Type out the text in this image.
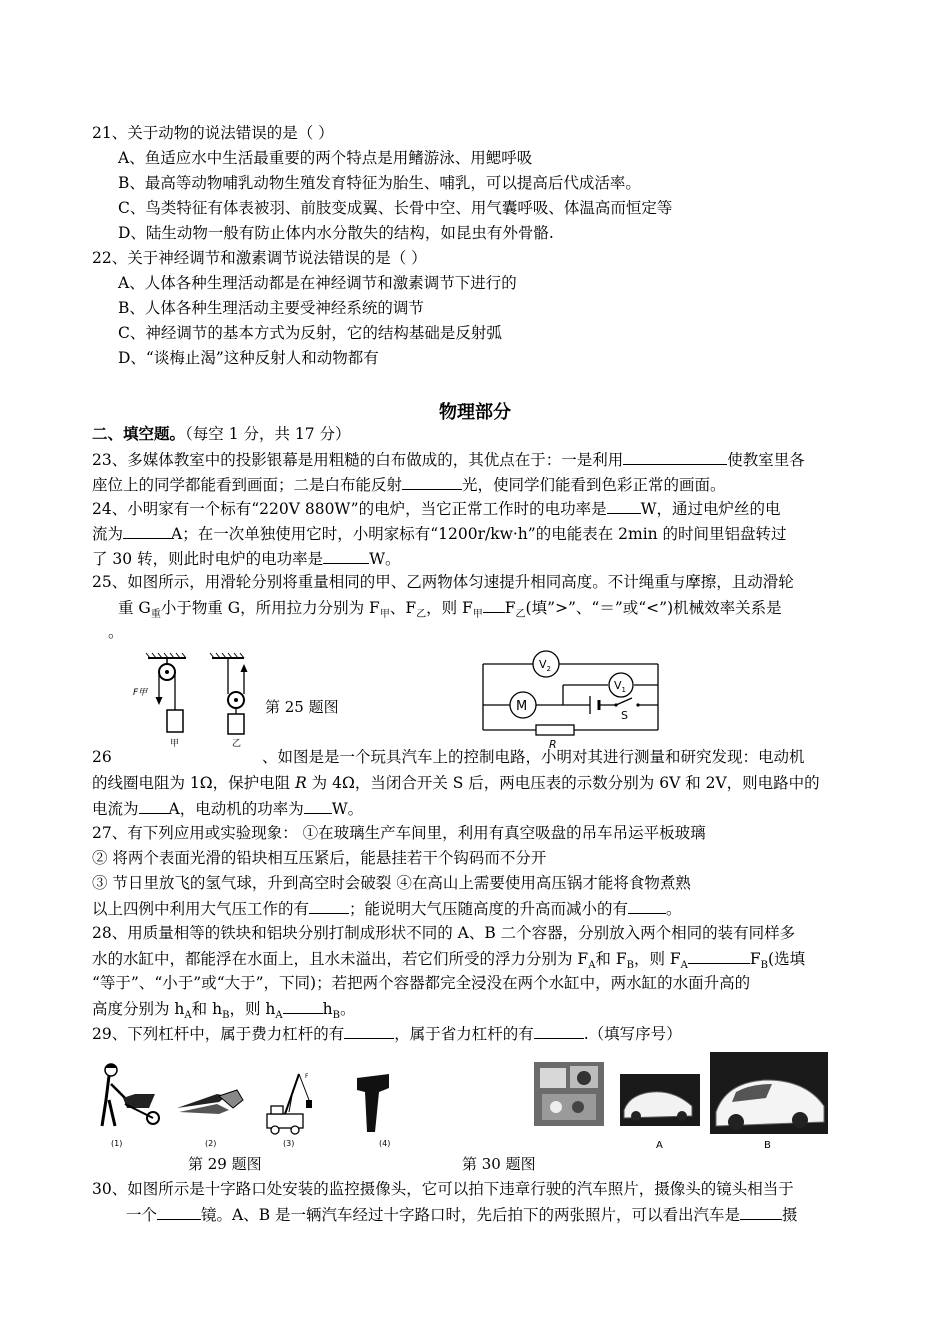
21、关于动物的说法错误的是（ ）
A、鱼适应水中生活最重要的两个特点是用鳍游泳、用鳃呼吸
B、最高等动物哺乳动物生殖发育特征为胎生、哺乳，可以提高后代成活率。
C、鸟类特征有体表被羽、前肢变成翼、长骨中空、用气囊呼吸、体温高而恒定等
D、陆生动物一般有防止体内水分散失的结构，如昆虫有外骨骼.
22、关于神经调节和激素调节说法错误的是（ ）
A、人体各种生理活动都是在神经调节和激素调节下进行的
B、人体各种生理活动主要受神经系统的调节
C、神经调节的基本方式为反射，它的结构基础是反射弧
D、“谈梅止渴”这种反射人和动物都有
物理部分
二、填空题。（每空 1 分，共 17 分）
23、多媒体教室中的投影银幕是用粗糙的白布做成的，其优点在于：一是利用	使教室里各
座位上的同学都能看到画面；二是白布能反射	光，使同学们能看到色彩正常的画面。
24、小明家有一个标有“220V 880W”的电炉，当它正常工作时的电功率是 W，通过电炉丝的电
流为	A；在一次单独使用它时，小明家标有“1200r/kw·h”的电能表在 2min 的时间里铝盘转过
了 30 转，则此时电炉的电功率是	W。
25、如图所示，用滑轮分别将重量相同的甲、乙两物体匀速提升相同高度。不计绳重与摩擦，且动滑轮
重 $G_重$小于物重 G，所用拉力分别为 $F_甲$、$F_乙$，则 $F_甲$ $F_乙$(填”>”、“＝”或“<”)机械效率关系是
。
F甲
甲	乙
第 25 题图
$V_2$
$V_1$
M
S
R
26	、如图是是一个玩具汽车上的控制电路，小明对其进行测量和研究发现：电动机
的线圈电阻为 1Ω，保护电阻 R 为 4Ω，当闭合开关 S 后，两电压表的示数分别为 6V 和 2V，则电路中的
电流为 A，电动机的功率为 W。
27、有下列应用或实验现象： ①在玻璃生产车间里，利用有真空吸盘的吊车吊运平板玻璃
② 将两个表面光滑的铅块相互压紧后，能悬挂若干个钩码而不分开
③ 节日里放飞的氢气球，升到高空时会破裂 ④在高山上需要使用高压锅才能将食物煮熟
以上四例中利用大气压工作的有	；能说明大气压随高度的升高而减小的有 。
28、用质量相等的铁块和铝块分别打制成形状不同的 A、B 二个容器，分别放入两个相同的装有同样多
水的水缸中，都能浮在水面上，且水未溢出，若它们所受的浮力分别为 $F_A$和 $F_B$，则 $F_A$	$F_B$(选填
“等于”、“小于”或“大于”，下同)；若把两个容器都完全浸没在两个水缸中，两水缸的水面升高的
高度分别为 $h_A$和 $h_B$，则 $h_A$	$h_B$。
29、下列杠杆中，属于费力杠杆的有	，属于省力杠杆的有	.（填写序号）
(1)	(2)
F
(3)	(4)	A	B
第 29 题图	第 30 题图
30、如图所示是十字路口处安装的监控摄像头，它可以拍下违章行驶的汽车照片，摄像头的镜头相当于
一个	镜。A、B 是一辆汽车经过十字路口时，先后拍下的两张照片，可以看出汽车是	摄
